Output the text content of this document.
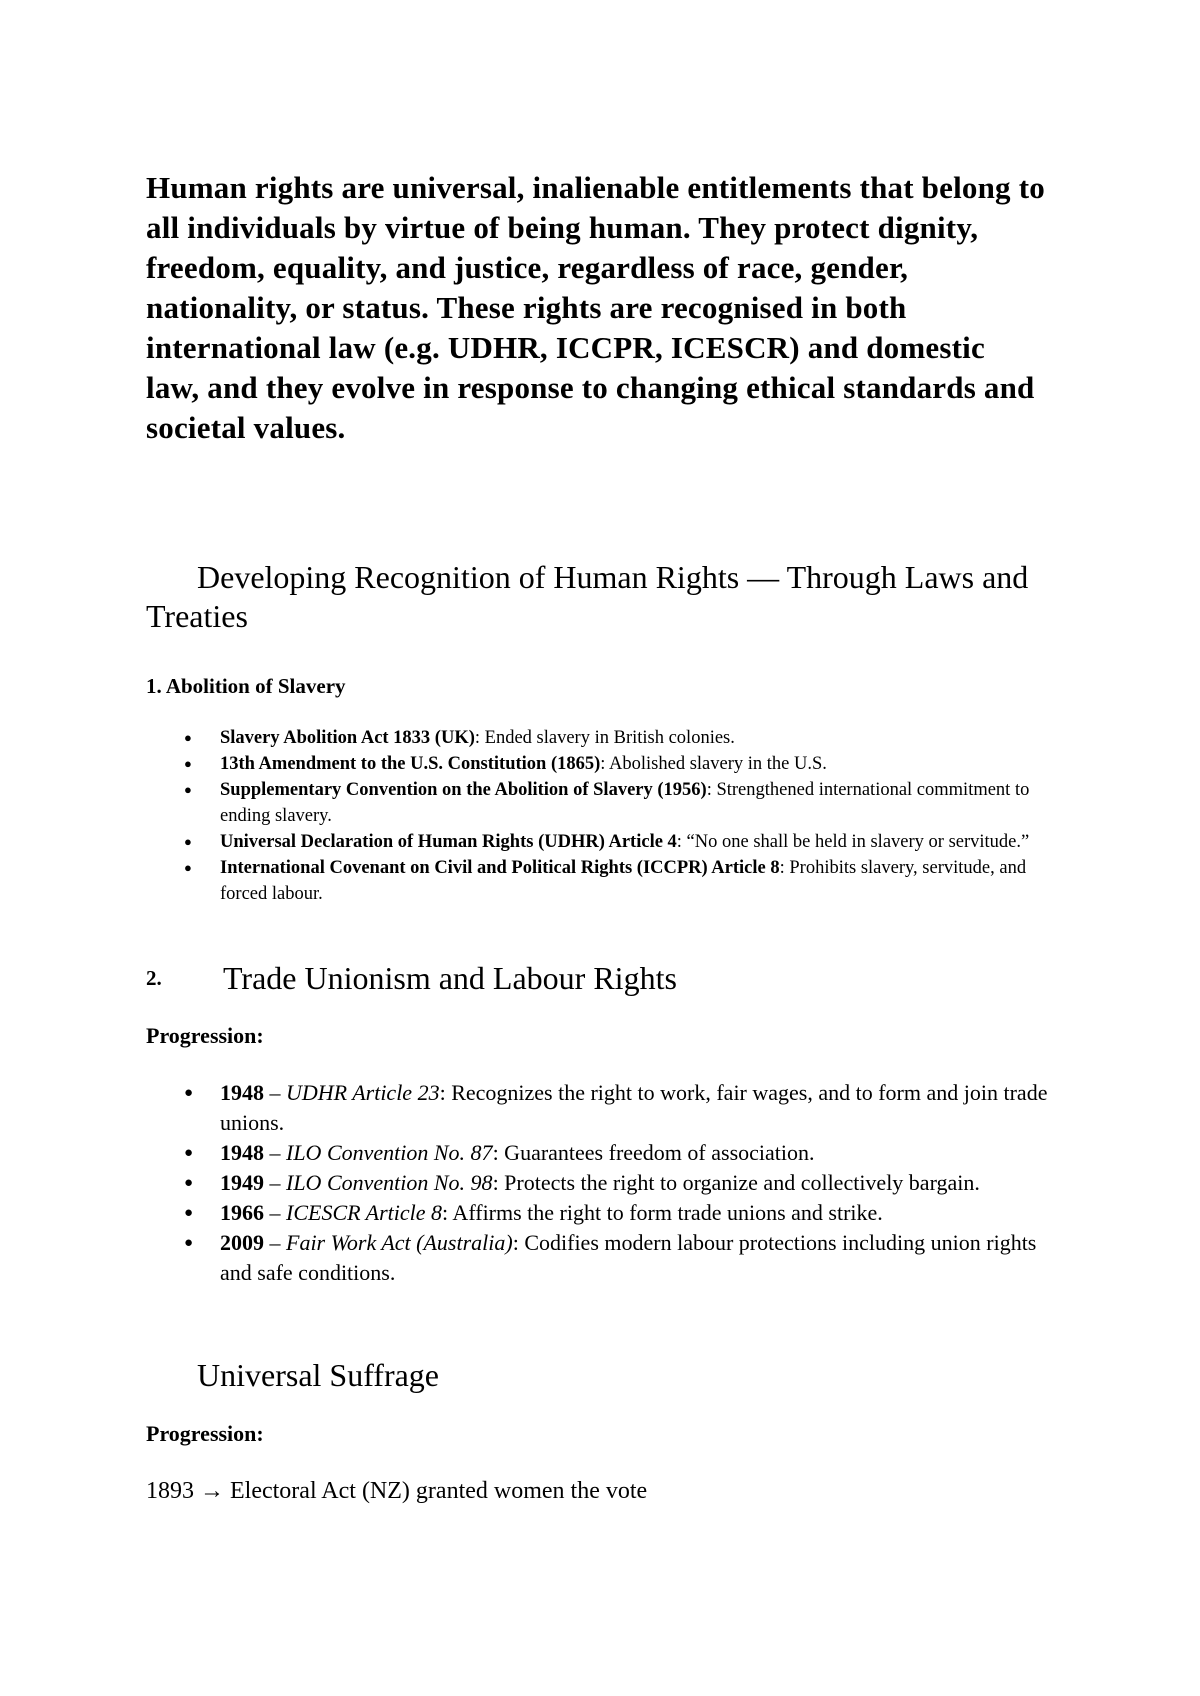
Human rights are universal, inalienable entitlements that belong to all individuals by virtue of being human. They protect dignity, freedom, equality, and justice, regardless of race, gender, nationality, or status. These rights are recognised in both international law (e.g. UDHR, ICCPR, ICESCR) and domestic law, and they evolve in response to changing ethical standards and societal values.

Developing Recognition of Human Rights — Through Laws and Treaties
1. Abolition of Slavery
● Slavery Abolition Act 1833 (UK): Ended slavery in British colonies.
● 13th Amendment to the U.S. Constitution (1865): Abolished slavery in the U.S.
● Supplementary Convention on the Abolition of Slavery (1956): Strengthened international commitment to ending slavery.
● Universal Declaration of Human Rights (UDHR) Article 4: “No one shall be held in slavery or servitude.”
● International Covenant on Civil and Political Rights (ICCPR) Article 8: Prohibits slavery, servitude, and forced labour.
2. Trade Unionism and Labour Rights
Progression:
● 1948 – UDHR Article 23: Recognizes the right to work, fair wages, and to form and join trade unions.
● 1948 – ILO Convention No. 87: Guarantees freedom of association.
● 1949 – ILO Convention No. 98: Protects the right to organize and collectively bargain.
● 1966 – ICESCR Article 8: Affirms the right to form trade unions and strike.
● 2009 – Fair Work Act (Australia): Codifies modern labour protections including union rights and safe conditions.
Universal Suffrage
Progression:
1893 → Electoral Act (NZ) granted women the vote
